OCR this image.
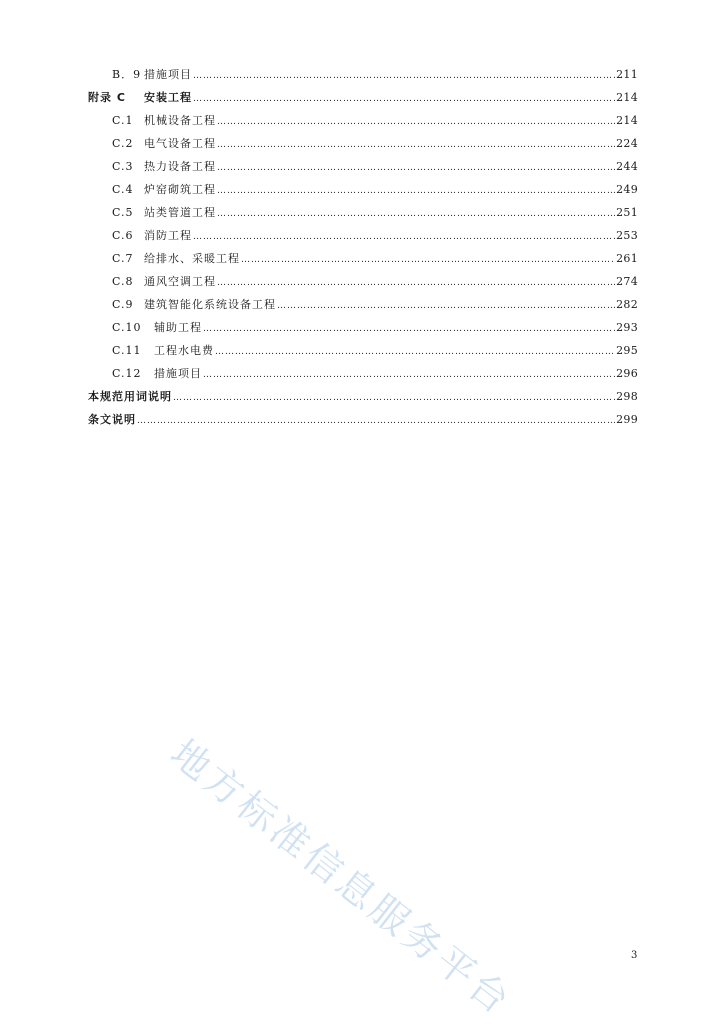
B．9 措施项目 ……………………………………………………………………………………………………………………………………………………………………………………………………………………	211
附录 C 安装工程 ……………………………………………………………………………………………………………………………………………………………………………………………………………………	214
C.1 机械设备工程 ……………………………………………………………………………………………………………………………………………………………………………………………………………………	214
C.2 电气设备工程 ……………………………………………………………………………………………………………………………………………………………………………………………………………………	224
C.3 热力设备工程 ……………………………………………………………………………………………………………………………………………………………………………………………………………………	244
C.4 炉窑砌筑工程 ……………………………………………………………………………………………………………………………………………………………………………………………………………………	249
C.5 站类管道工程 ……………………………………………………………………………………………………………………………………………………………………………………………………………………	251
C.6 消防工程 ……………………………………………………………………………………………………………………………………………………………………………………………………………………	253
C.7 给排水、采暖工程 ……………………………………………………………………………………………………………………………………………………………………………………………………………………	261
C.8 通风空调工程 ……………………………………………………………………………………………………………………………………………………………………………………………………………………	274
C.9 建筑智能化系统设备工程 ……………………………………………………………………………………………………………………………………………………………………………………………………………………	282
C.10 辅助工程 ……………………………………………………………………………………………………………………………………………………………………………………………………………………	293
C.11 工程水电费 ……………………………………………………………………………………………………………………………………………………………………………………………………………………	295
C.12 措施项目 ……………………………………………………………………………………………………………………………………………………………………………………………………………………	296
本规范用词说明 ……………………………………………………………………………………………………………………………………………………………………………………………………………………	298
条文说明 ……………………………………………………………………………………………………………………………………………………………………………………………………………………	299
地方标准信息服务平台	3
